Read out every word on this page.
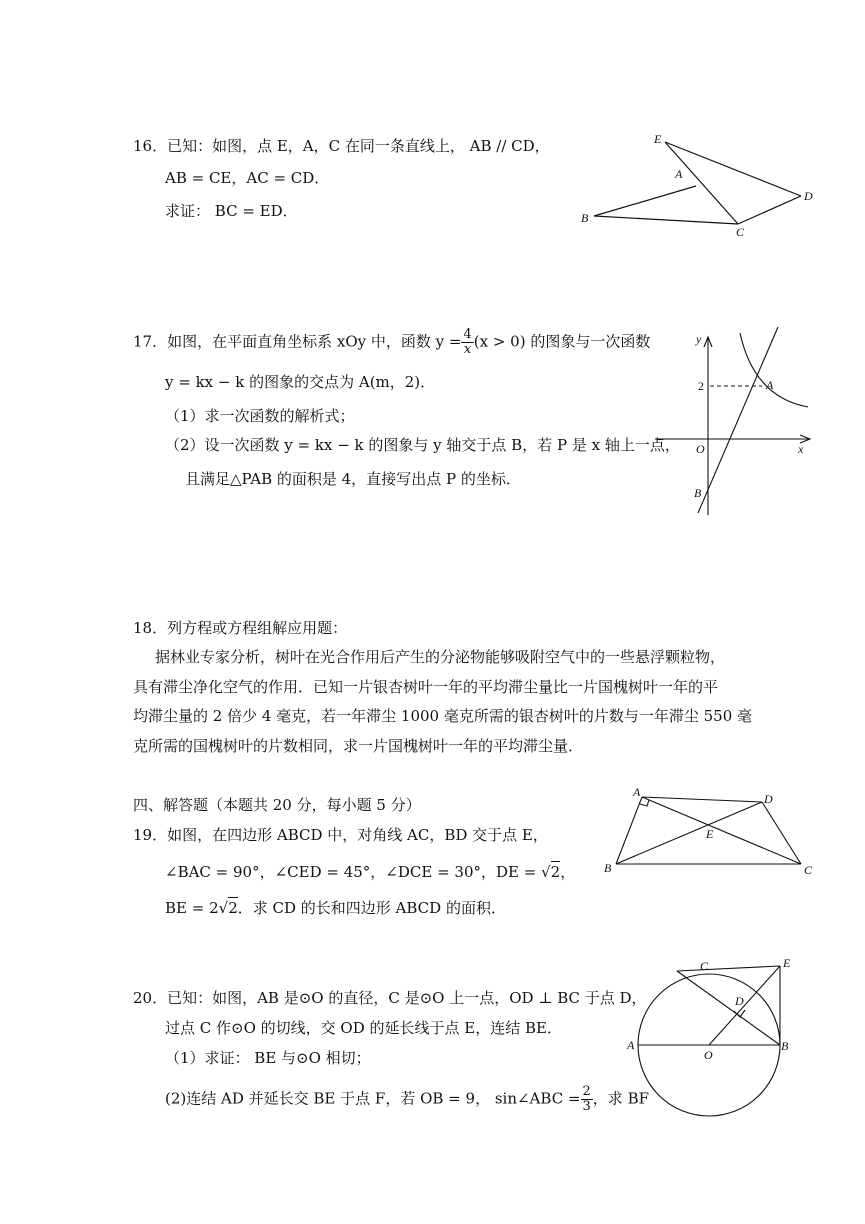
16．已知：如图，点 E，A，C 在同一条直线上， AB // CD，
AB = CE，AC = CD．
求证： BC = ED．
E
A
B
C
D
17．如图，在平面直角坐标系 xOy 中，函数 $y = \frac{4}{x} (x > 0)$ 的图象与一次函数
y = kx − k 的图象的交点为 A(m，2)．
（1）求一次函数的解析式；
（2）设一次函数 y = kx − k 的图象与 y 轴交于点 B，若 P 是 x 轴上一点，
且满足△PAB 的面积是 4，直接写出点 P 的坐标．
y
x
O
2	A
B
18．列方程或方程组解应用题：
据林业专家分析，树叶在光合作用后产生的分泌物能够吸附空气中的一些悬浮颗粒物，
具有滞尘净化空气的作用．已知一片银杏树叶一年的平均滞尘量比一片国槐树叶一年的平
均滞尘量的 2 倍少 4 毫克，若一年滞尘 1000 毫克所需的银杏树叶的片数与一年滞尘 550 毫
克所需的国槐树叶的片数相同，求一片国槐树叶一年的平均滞尘量．
四、解答题（本题共 20 分，每小题 5 分）
19．如图，在四边形 ABCD 中，对角线 AC，BD 交于点 E，
∠BAC = 90°，∠CED = 45°，∠DCE = 30°，DE = √2，
BE = 2√2．求 CD 的长和四边形 ABCD 的面积．
A	D
E
B	C
20．已知：如图，AB 是⊙O 的直径，C 是⊙O 上一点，OD ⊥ BC 于点 D，
过点 C 作⊙O 的切线，交 OD 的延长线于点 E，连结 BE．
（1）求证： BE 与⊙O 相切；
(2)连结 AD 并延长交 BE 于点 F，若 OB = 9， sin∠ABC = $\frac{2}{3}$ ，求 BF
C	E
D
A
O
B
